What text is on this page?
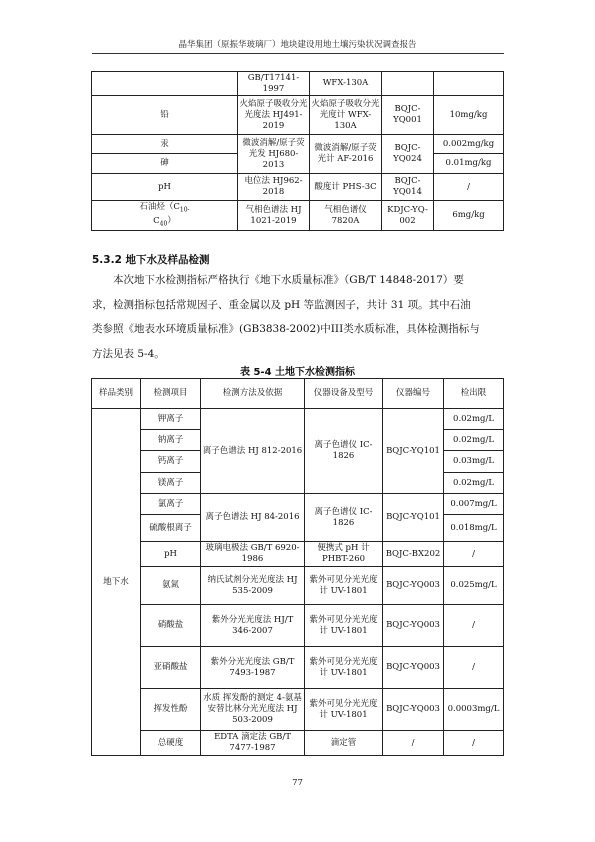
晶华集团（原振华玻璃厂）地块建设用地土壤污染状况调查报告
	GB/T17141-1997	WFX-130A		
铅	火焰原子吸收分光光度法 HJ491-2019	火焰原子吸收分光光度计 WFX-130A	BQJC-YQ001	10mg/kg
汞	微波消解/原子荧光发 HJ680-2013	微波消解/原子荧光计 AF-2016	BQJC-YQ024	0.002mg/kg
砷				0.01mg/kg
pH	电位法 HJ962-2018	酸度计 PHS-3C	BQJC-YQ014	/
石油烃（$C_{10-}$
$C_{40}$）	气相色谱法 HJ 1021-2019	气相色谱仪 7820A	KDJC-YQ-002	6mg/kg
5.3.2 地下水及样品检测

本次地下水检测指标严格执行《地下水质量标准》（GB/T 14848-2017）要
求，检测指标包括常规因子、重金属以及 pH 等监测因子，共计 31 项。其中石油
类参照《地表水环境质量标准》(GB3838-2002)中III类水质标准，具体检测指标与
方法见表 5-4。

表 5-4 土地下水检测指标
样品类别	检测项目	检测方法及依据	仪器设备及型号	仪器编号	检出限
地下水	钾离子	离子色谱法 HJ 812-2016	离子色谱仪 IC-1826	BQJC-YQ101	0.02mg/L
	钠离子				0.02mg/L
	钙离子				0.03mg/L
	镁离子				0.02mg/L
	氯离子	离子色谱法 HJ 84-2016	离子色谱仪 IC-1826	BQJC-YQ101	0.007mg/L
	硫酸根离子				0.018mg/L
	pH	玻璃电极法 GB/T 6920-1986	便携式 pH 计 PHBT-260	BQJC-BX202	/
	氨氮	纳氏试剂分光光度法 HJ 535-2009	紫外可见分光光度计 UV-1801	BQJC-YQ003	0.025mg/L
	硝酸盐	紫外分光光度法 HJ/T 346-2007	紫外可见分光光度计 UV-1801	BQJC-YQ003	/
	亚硝酸盐	紫外分光光度法 GB/T 7493-1987	紫外可见分光光度计 UV-1801	BQJC-YQ003	/
	挥发性酚	水质 挥发酚的测定 4-氨基安替比林分光光度法 HJ 503-2009	紫外可见分光光度计 UV-1801	BQJC-YQ003	0.0003mg/L
	总硬度	EDTA 滴定法 GB/T 7477-1987	滴定管	/	/
77
